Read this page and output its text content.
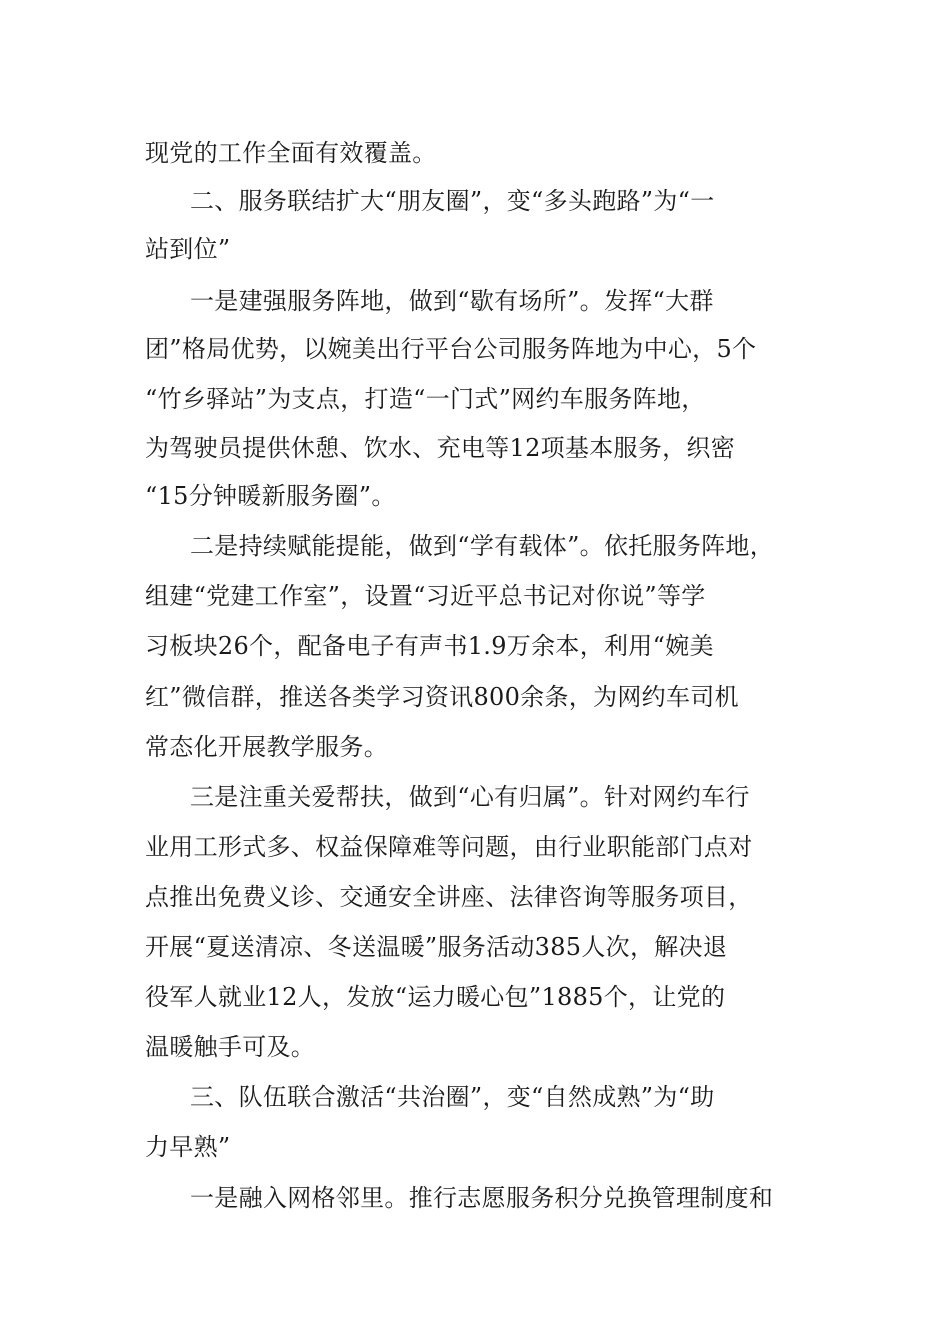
现党的工作全面有效覆盖。
二、服务联结扩大“朋友圈”，变“多头跑路”为“一
站到位”
一是建强服务阵地，做到“歇有场所”。发挥“大群
团”格局优势，以婉美出行平台公司服务阵地为中心，5个
“竹乡驿站”为支点，打造“一门式”网约车服务阵地，
为驾驶员提供休憩、饮水、充电等12项基本服务，织密
“15分钟暖新服务圈”。
二是持续赋能提能，做到“学有载体”。依托服务阵地，
组建“党建工作室”，设置“习近平总书记对你说”等学
习板块26个，配备电子有声书1.9万余本，利用“婉美
红”微信群，推送各类学习资讯800余条，为网约车司机
常态化开展教学服务。
三是注重关爱帮扶，做到“心有归属”。针对网约车行
业用工形式多、权益保障难等问题，由行业职能部门点对
点推出免费义诊、交通安全讲座、法律咨询等服务项目，
开展“夏送清凉、冬送温暖”服务活动385人次，解决退
役军人就业12人，发放“运力暖心包”1885个，让党的
温暖触手可及。
三、队伍联合激活“共治圈”，变“自然成熟”为“助
力早熟”
一是融入网格邻里。推行志愿服务积分兑换管理制度和
